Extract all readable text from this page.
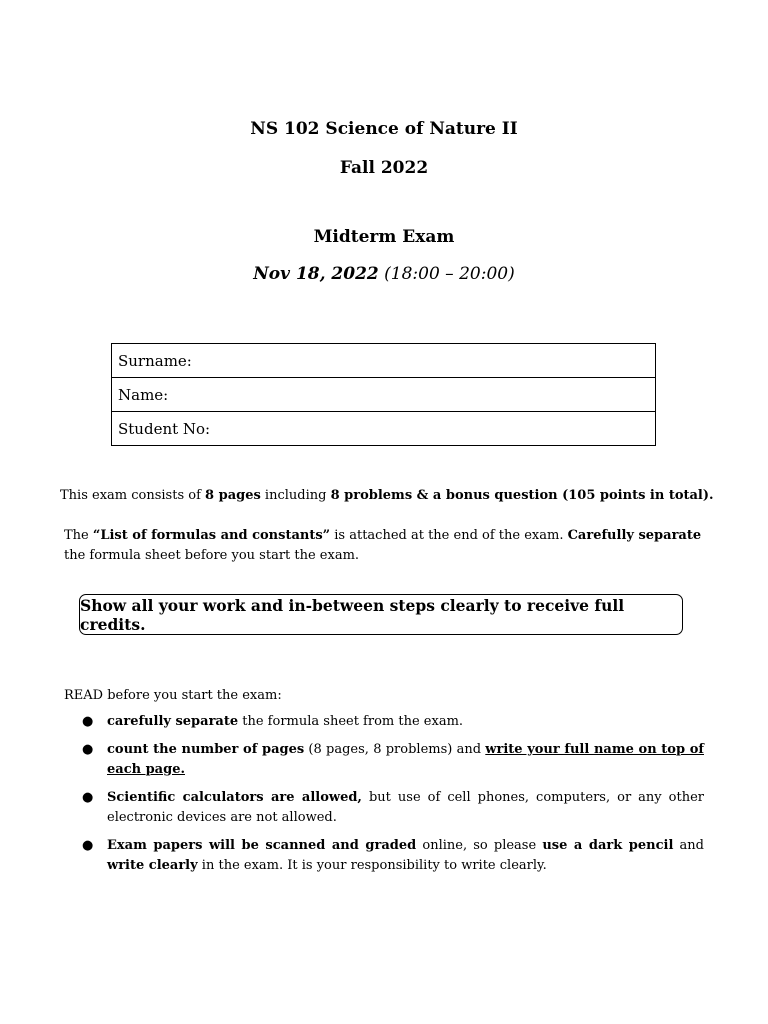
NS 102 Science of Nature II
Fall 2022
Midterm Exam
Nov 18, 2022 (18:00 – 20:00)
Surname:
Name:
Student No:
This exam consists of 8 pages including 8 problems & a bonus question (105 points in total).
The “List of formulas and constants” is attached at the end of the exam. Carefully separate the formula sheet before you start the exam.
Show all your work and in-between steps clearly to receive full credits.
READ before you start the exam:
● carefully separate the formula sheet from the exam.
● count the number of pages (8 pages, 8 problems) and write your full name on top of each page.
● Scientific calculators are allowed, but use of cell phones, computers, or any other electronic devices are not allowed.
● Exam papers will be scanned and graded online, so please use a dark pencil and write clearly in the exam. It is your responsibility to write clearly.
